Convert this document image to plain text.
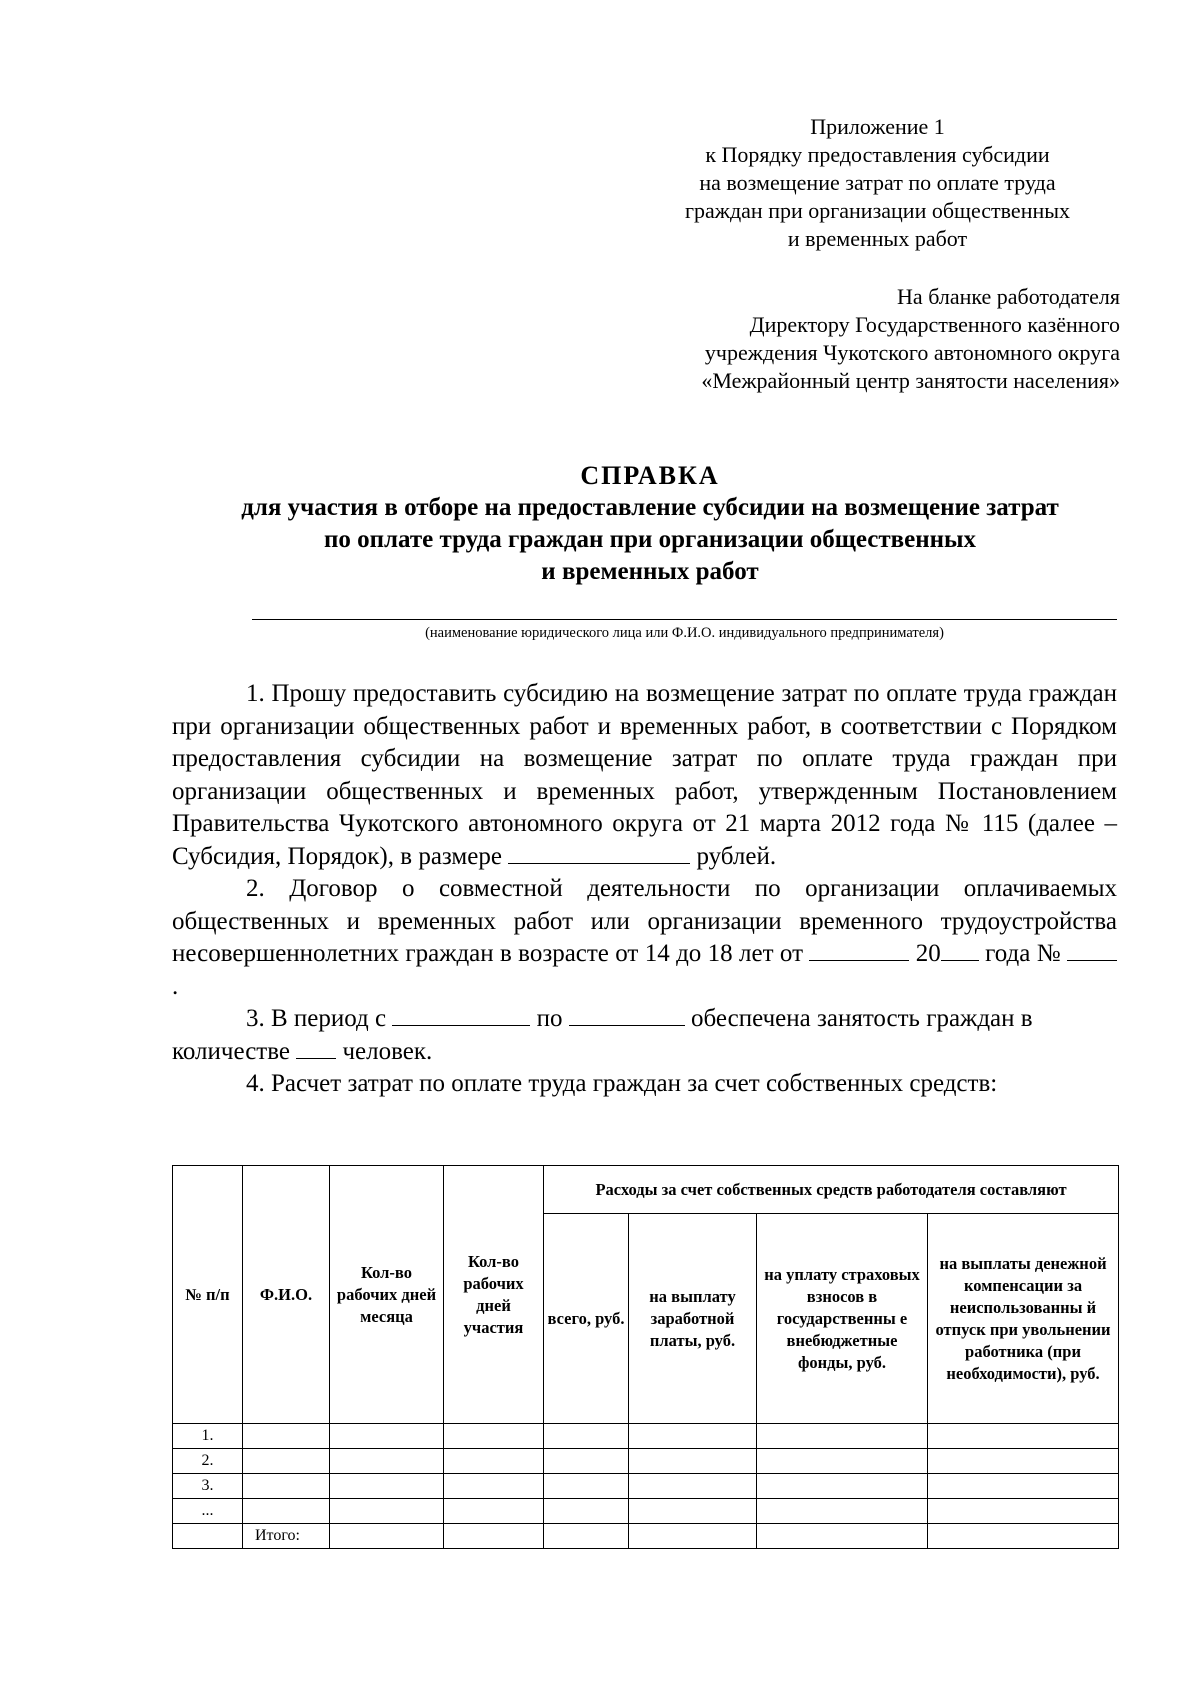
Приложение 1
к Порядку предоставления субсидии
на возмещение затрат по оплате труда
граждан при организации общественных
и временных работ
На бланке работодателя
Директору Государственного казённого
учреждения Чукотского автономного округа
«Межрайонный центр занятости населения»
СПРАВКА
для участия в отборе на предоставление субсидии на возмещение затрат
по оплате труда граждан при организации общественных
и временных работ
(наименование юридического лица или Ф.И.О. индивидуального предпринимателя)

1. Прошу предоставить субсидию на возмещение затрат по оплате труда граждан при организации общественных работ и временных работ, в соответствии с Порядком предоставления субсидии на возмещение затрат по оплате труда граждан при организации общественных и временных работ, утвержденным Постановлением Правительства Чукотского автономного округа от 21 марта 2012 года № 115 (далее – Субсидия, Порядок), в размере	рублей.

2. Договор о совместной деятельности по организации оплачиваемых общественных и временных работ или организации временного трудоустройства несовершеннолетних граждан в возрасте от 14 до 18 лет от	20 года № .

3. В период с	по	обеспечена занятость граждан в количестве человек.

4. Расчет затрат по оплате труда граждан за счет собственных средств:

№ п/п	Ф.И.О.	Кол-во рабочих дней месяца	Кол-во рабочих дней участия	Расходы за счет собственных средств работодателя составляют			
				всего, руб.	на выплату заработной платы, руб.	на уплату страховых взносов в государственны е внебюджетные фонды, руб.	на выплаты денежной компенсации за неиспользованны й отпуск при увольнении работника (при необходимости), руб.
1.							
2.							
3.							
...							
	Итого:						
